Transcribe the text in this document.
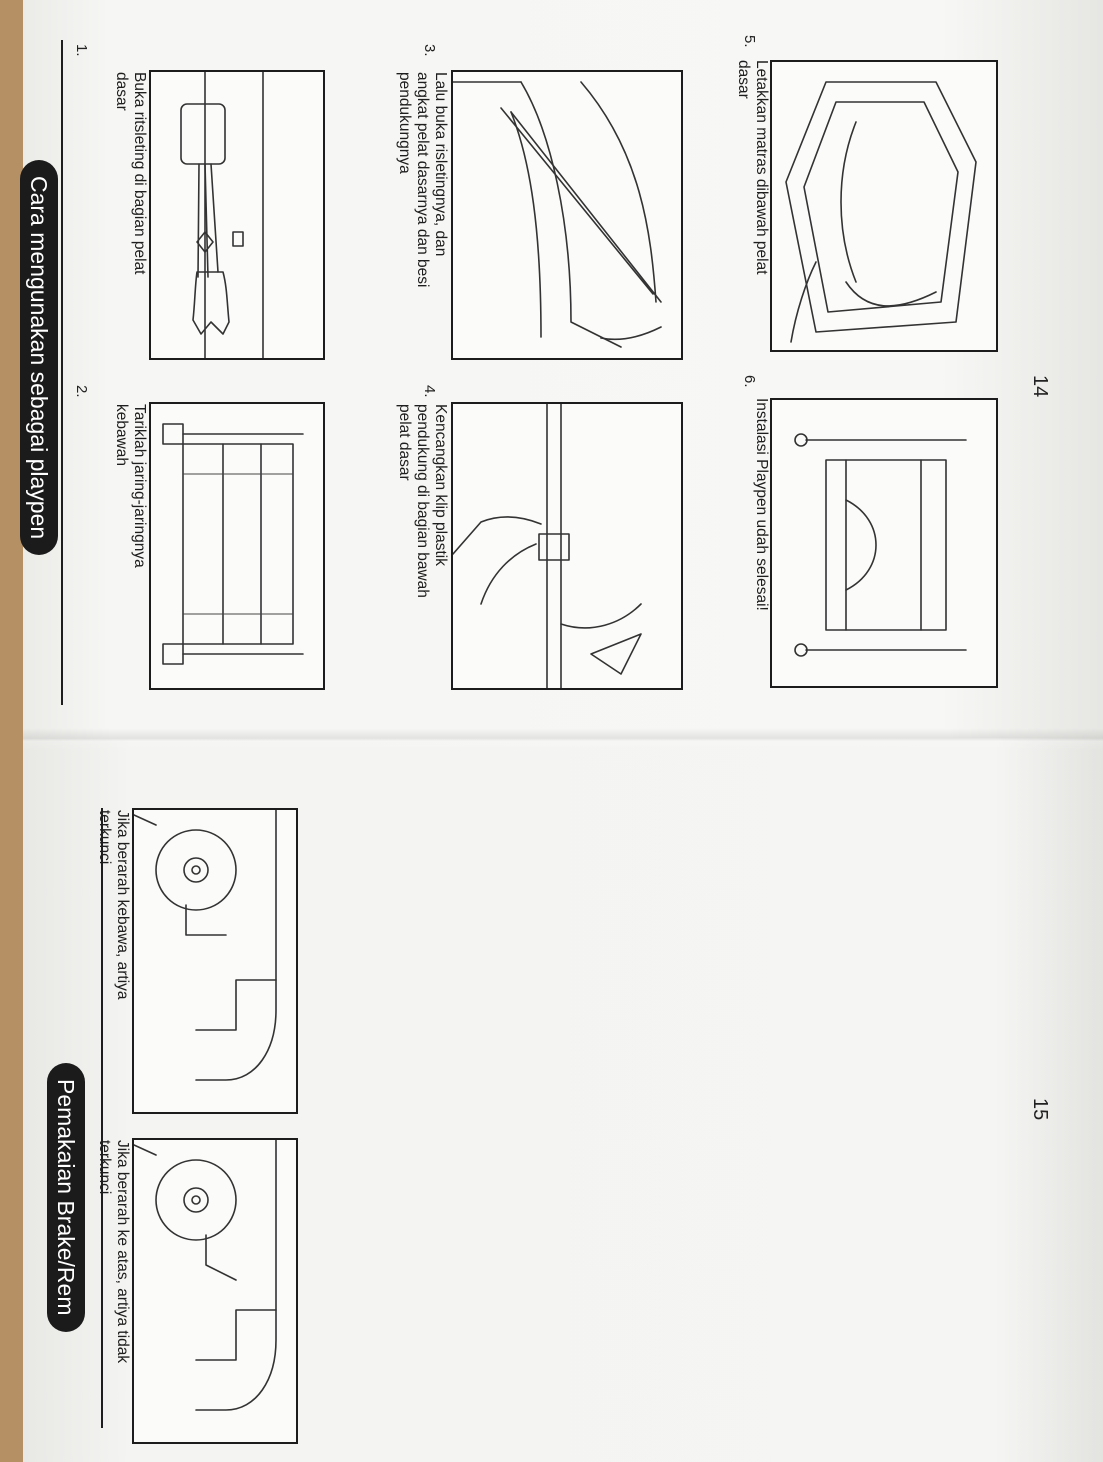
Cara mengunakan sebagai playpen
1.
Buka ritsleting di bagian pelat
dasar
2.
Tariklah jaring-jaringnya
kebawah
3.
Lalu buka risletingnya, dan
angkat pelat dasarnya dan besi
pendukungnya
4.
Kencangkan klip plastik
pendukung di bagian bawah
pelat dasar
5.
Letakkan matras dibawah pelat
dasar
6.
Instalasi Playpen udah selesai!
14
Pemakaian Brake/Rem
Jika berarah kebawa, artiya
terkunci
Jika berarah ke atas, artiya tidak
terkunci
15
